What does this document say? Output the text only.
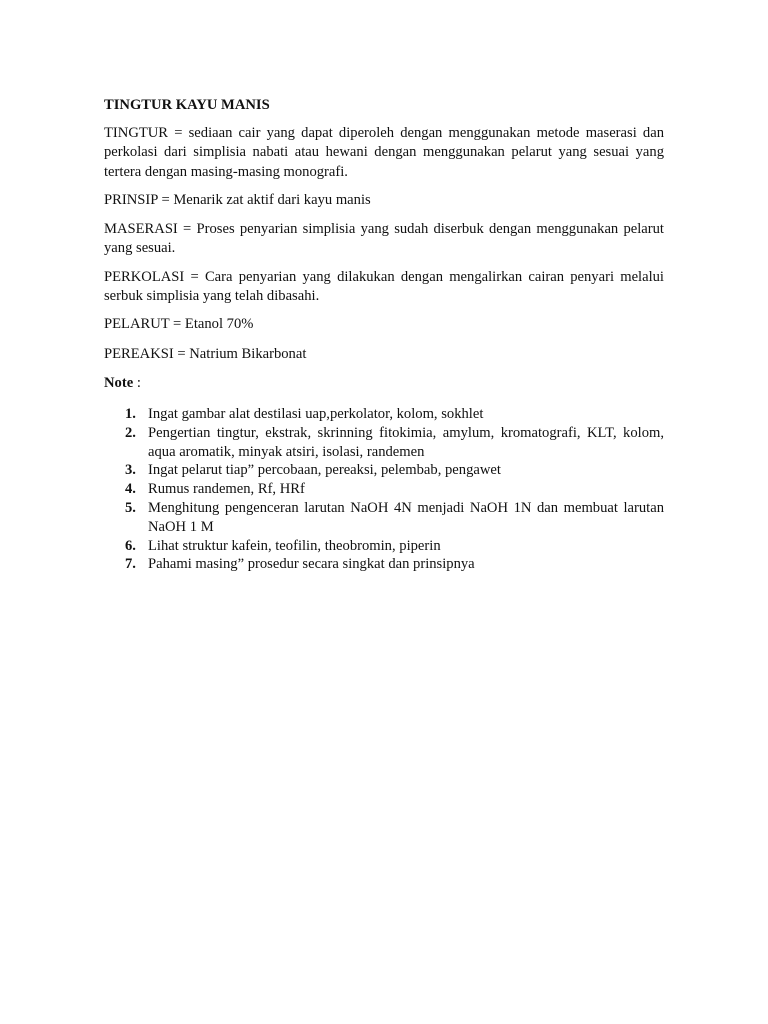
TINGTUR KAYU MANIS

TINGTUR = sediaan cair yang dapat diperoleh dengan menggunakan metode maserasi dan perkolasi dari simplisia nabati atau hewani dengan menggunakan pelarut yang sesuai yang tertera dengan masing-masing monografi.

PRINSIP = Menarik zat aktif dari kayu manis

MASERASI = Proses penyarian simplisia yang sudah diserbuk dengan menggunakan pelarut yang sesuai.

PERKOLASI = Cara penyarian yang dilakukan dengan mengalirkan cairan penyari melalui serbuk simplisia yang telah dibasahi.

PELARUT = Etanol 70%

PEREAKSI = Natrium Bikarbonat

Note :
1. Ingat gambar alat destilasi uap,perkolator, kolom, sokhlet
2. Pengertian tingtur, ekstrak, skrinning fitokimia, amylum, kromatografi, KLT, kolom, aqua aromatik, minyak atsiri, isolasi, randemen
3. Ingat pelarut tiap” percobaan, pereaksi, pelembab, pengawet
4. Rumus randemen, Rf, HRf
5. Menghitung pengenceran larutan NaOH 4N menjadi NaOH 1N dan membuat larutan NaOH 1 M
6. Lihat struktur kafein, teofilin, theobromin, piperin
7. Pahami masing” prosedur secara singkat dan prinsipnya
